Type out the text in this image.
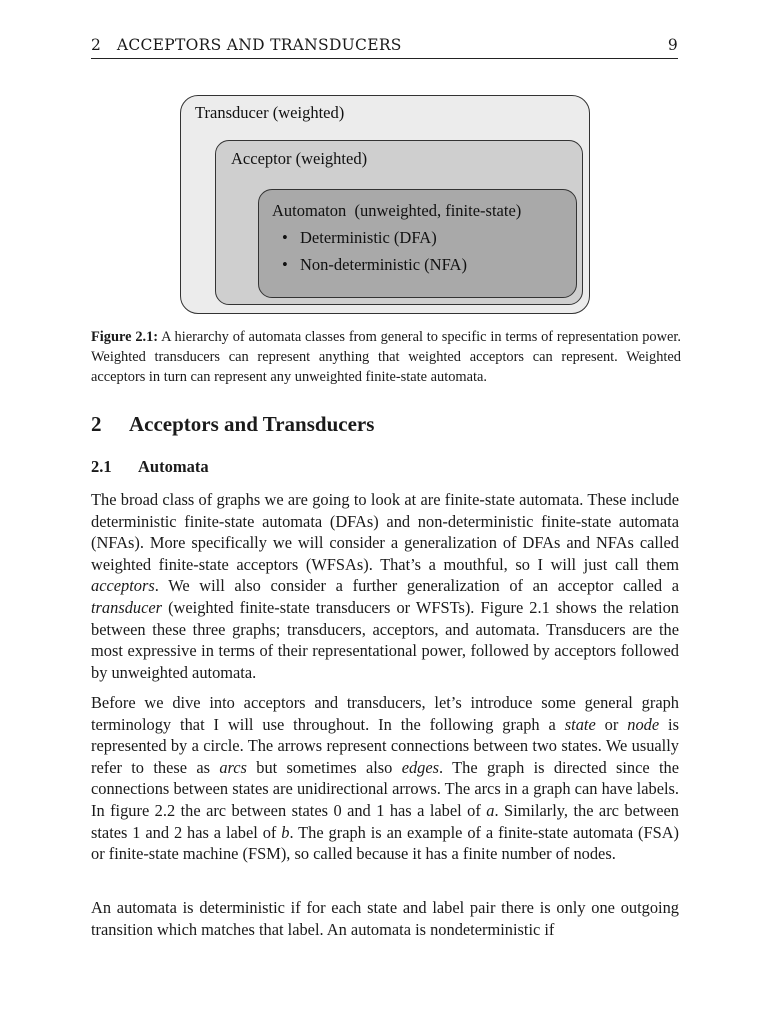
2   ACCEPTORS AND TRANSDUCERS	9
Transducer (weighted)
Acceptor (weighted)
Automaton  (unweighted, finite-state)
• Deterministic (DFA)
• Non-deterministic (NFA)
Figure 2.1: A hierarchy of automata classes from general to specific in terms of representation power. Weighted transducers can represent anything that weighted acceptors can represent. Weighted acceptors in turn can represent any unweighted finite-state automata.
2 Acceptors and Transducers
2.1 Automata
The broad class of graphs we are going to look at are finite-state automata. These include deterministic finite-state automata (DFAs) and non-deterministic finite-state automata (NFAs). More specifically we will consider a generalization of DFAs and NFAs called weighted finite-state acceptors (WFSAs). That’s a mouthful, so I will just call them acceptors. We will also consider a further generalization of an acceptor called a transducer (weighted finite-state transducers or WFSTs). Figure 2.1 shows the relation between these three graphs; transducers, acceptors, and automata. Transducers are the most expressive in terms of their representational power, followed by acceptors followed by unweighted automata.
Before we dive into acceptors and transducers, let’s introduce some general graph terminology that I will use throughout. In the following graph a state or node is represented by a circle. The arrows represent connections between two states. We usually refer to these as arcs but sometimes also edges. The graph is directed since the connections between states are unidirectional arrows. The arcs in a graph can have labels. In figure 2.2 the arc between states 0 and 1 has a label of a. Similarly, the arc between states 1 and 2 has a label of b. The graph is an example of a finite-state automata (FSA) or finite-state machine (FSM), so called because it has a finite number of nodes.
An automata is deterministic if for each state and label pair there is only one outgoing transition which matches that label. An automata is nondeterministic if
